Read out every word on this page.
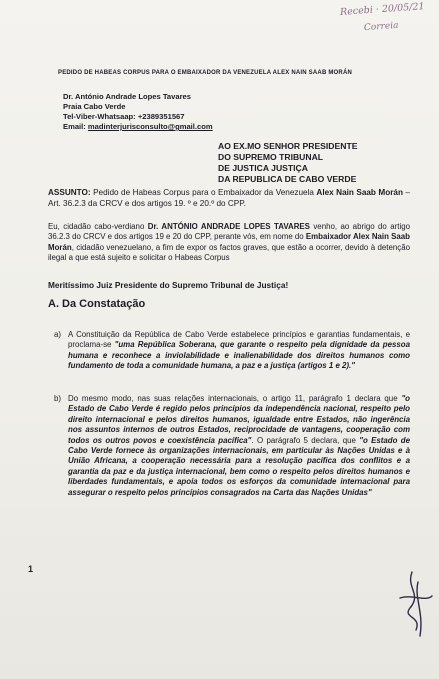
Recebi · 20/05/21
Correia

PEDIDO DE HABEAS CORPUS PARA O EMBAIXADOR DA VENEZUELA ALEX NAIN SAAB MORÁN

Dr. António Andrade Lopes Tavares
Praia Cabo Verde
Tel-Viber-Whatsaap: +2389351567
Email: madinterjurisconsulto@gmail.com
AO EX.MO SENHOR PRESIDENTE
DO SUPREMO TRIBUNAL
DE JUSTICA JUSTIÇA
DA REPUBLICA DE CABO VERDE

ASSUNTO: Pedido de Habeas Corpus para o Embaixador da Venezuela Alex Nain Saab Morán – Art. 36.2.3 da CRCV e dos artigos 19. º e 20.º do CPP.

Eu, cidadão cabo-verdiano Dr. ANTÓNIO ANDRADE LOPES TAVARES venho, ao abrigo do artigo 36.2.3 do CRCV e dos artigos 19 e 20 do CPP, perante vós, em nome do Embaixador Alex Nain Saab Morán, cidadão venezuelano, a fim de expor os factos graves, que estão a ocorrer, devido à detenção ilegal a que está sujeito e solicitar o Habeas Corpus

Meritíssimo Juiz Presidente do Supremo Tribunal de Justiça!

A. Da Constatação

a) A Constituição da República de Cabo Verde estabelece princípios e garantias fundamentais, e proclama-se "uma República Soberana, que garante o respeito pela dignidade da pessoa humana e reconhece a inviolabilidade e inalienabilidade dos direitos humanos como fundamento de toda a comunidade humana, a paz e a justiça (artigos 1 e 2)."

b) Do mesmo modo, nas suas relações internacionais, o artigo 11, parágrafo 1 declara que "o Estado de Cabo Verde é regido pelos princípios da independência nacional, respeito pelo direito internacional e pelos direitos humanos, igualdade entre Estados, não ingerência nos assuntos internos de outros Estados, reciprocidade de vantagens, cooperação com todos os outros povos e coexistência pacífica". O parágrafo 5 declara, que "o Estado de Cabo Verde fornece às organizações internacionais, em particular às Nações Unidas e à União Africana, a cooperação necessária para a resolução pacífica dos conflitos e a garantia da paz e da justiça internacional, bem como o respeito pelos direitos humanos e liberdades fundamentais, e apoia todos os esforços da comunidade internacional para assegurar o respeito pelos princípios consagrados na Carta das Nações Unidas"

1
